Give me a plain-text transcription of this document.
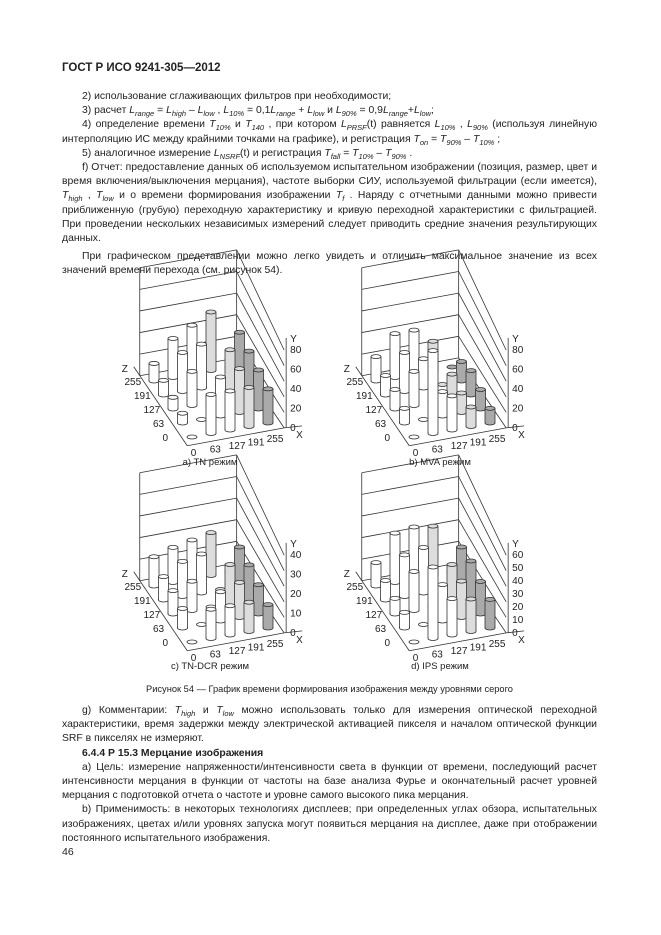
ГОСТ Р ИСО 9241-305—2012

2) использование сглаживающих фильтров при необходимости;

3) расчет $L_{range} = L_{high} - L_{low}$ , $L_{10\%} = 0,1L_{range} + L_{low}$ и $L_{90\%} = 0,9L_{range}+L_{low}$;

4) определение времени $T_{10\%}$ и $T_{140}$ , при котором $L_{PRSF}(t)$ равняется $L_{10\%}$ , $L_{90\%}$ (используя линейную интерполяцию ИС между крайними точками на графике), и регистрация $T_{on} = T_{90\%} - T_{10\%}$ ;

5) аналогичное измерение $L_{NSRF}(t)$ и регистрация $T_{fall} = T_{10\%} - T_{90\%}$ .

f) Отчет: предоставление данных об используемом испытательном изображении (позиция, размер, цвет и время включения/выключения мерцания), частоте выборки СИУ, используемой фильтрации (если имеется), $T_{high}$ , $T_{low}$ и о времени формирования изображении $T_f$ . Наряду с отчетными данными можно привести приближенную (грубую) переходную характеристику и кривую переходной характеристики с фильтрацией. При проведении нескольких независимых измерений следует приводить средние значения результирующих данных.

При графическом представлении можно легко увидеть и отличить максимальное значение из всех значений времени перехода (см. рисунок 54).

X
Y
Z
0
20
40
60
80
0 63 127 191 255
0
63
127
191
255
X
Y
Z
0
20
40
60
80
0 63 127 191 255
0
63
127
191
255
X
Y
Z
0
10
20
30
40
0 63 127 191 255
0
63
127
191
255
X
Y
Z
0
10
20
30
40
50
60
0 63 127 191 255
0
63
127
191
255
a) TN режим	b) MVA режим
c) TN-DCR режим	d) IPS режим
Рисунок 54 — График времени формирования изображения между уровнями серого

g) Комментарии: $T_{high}$ и $T_{low}$ можно использовать только для измерения оптической переходной характеристики, время задержки между электрической активацией пикселя и началом оптической функции SRF в пикселях не измеряют.

6.4.4 Р 15.3 Мерцание изображения

a) Цель: измерение напряженности/интенсивности света в функции от времени, последующий расчет интенсивности мерцания в функции от частоты на базе анализа Фурье и окончательный расчет уровней мерцания с подготовкой отчета о частоте и уровне самого высокого пика мерцания.

b) Применимость: в некоторых технологиях дисплеев; при определенных углах обзора, испытательных изображениях, цветах и/или уровнях запуска могут появиться мерцания на дисплее, даже при отображении постоянного испытательного изображения.

46
